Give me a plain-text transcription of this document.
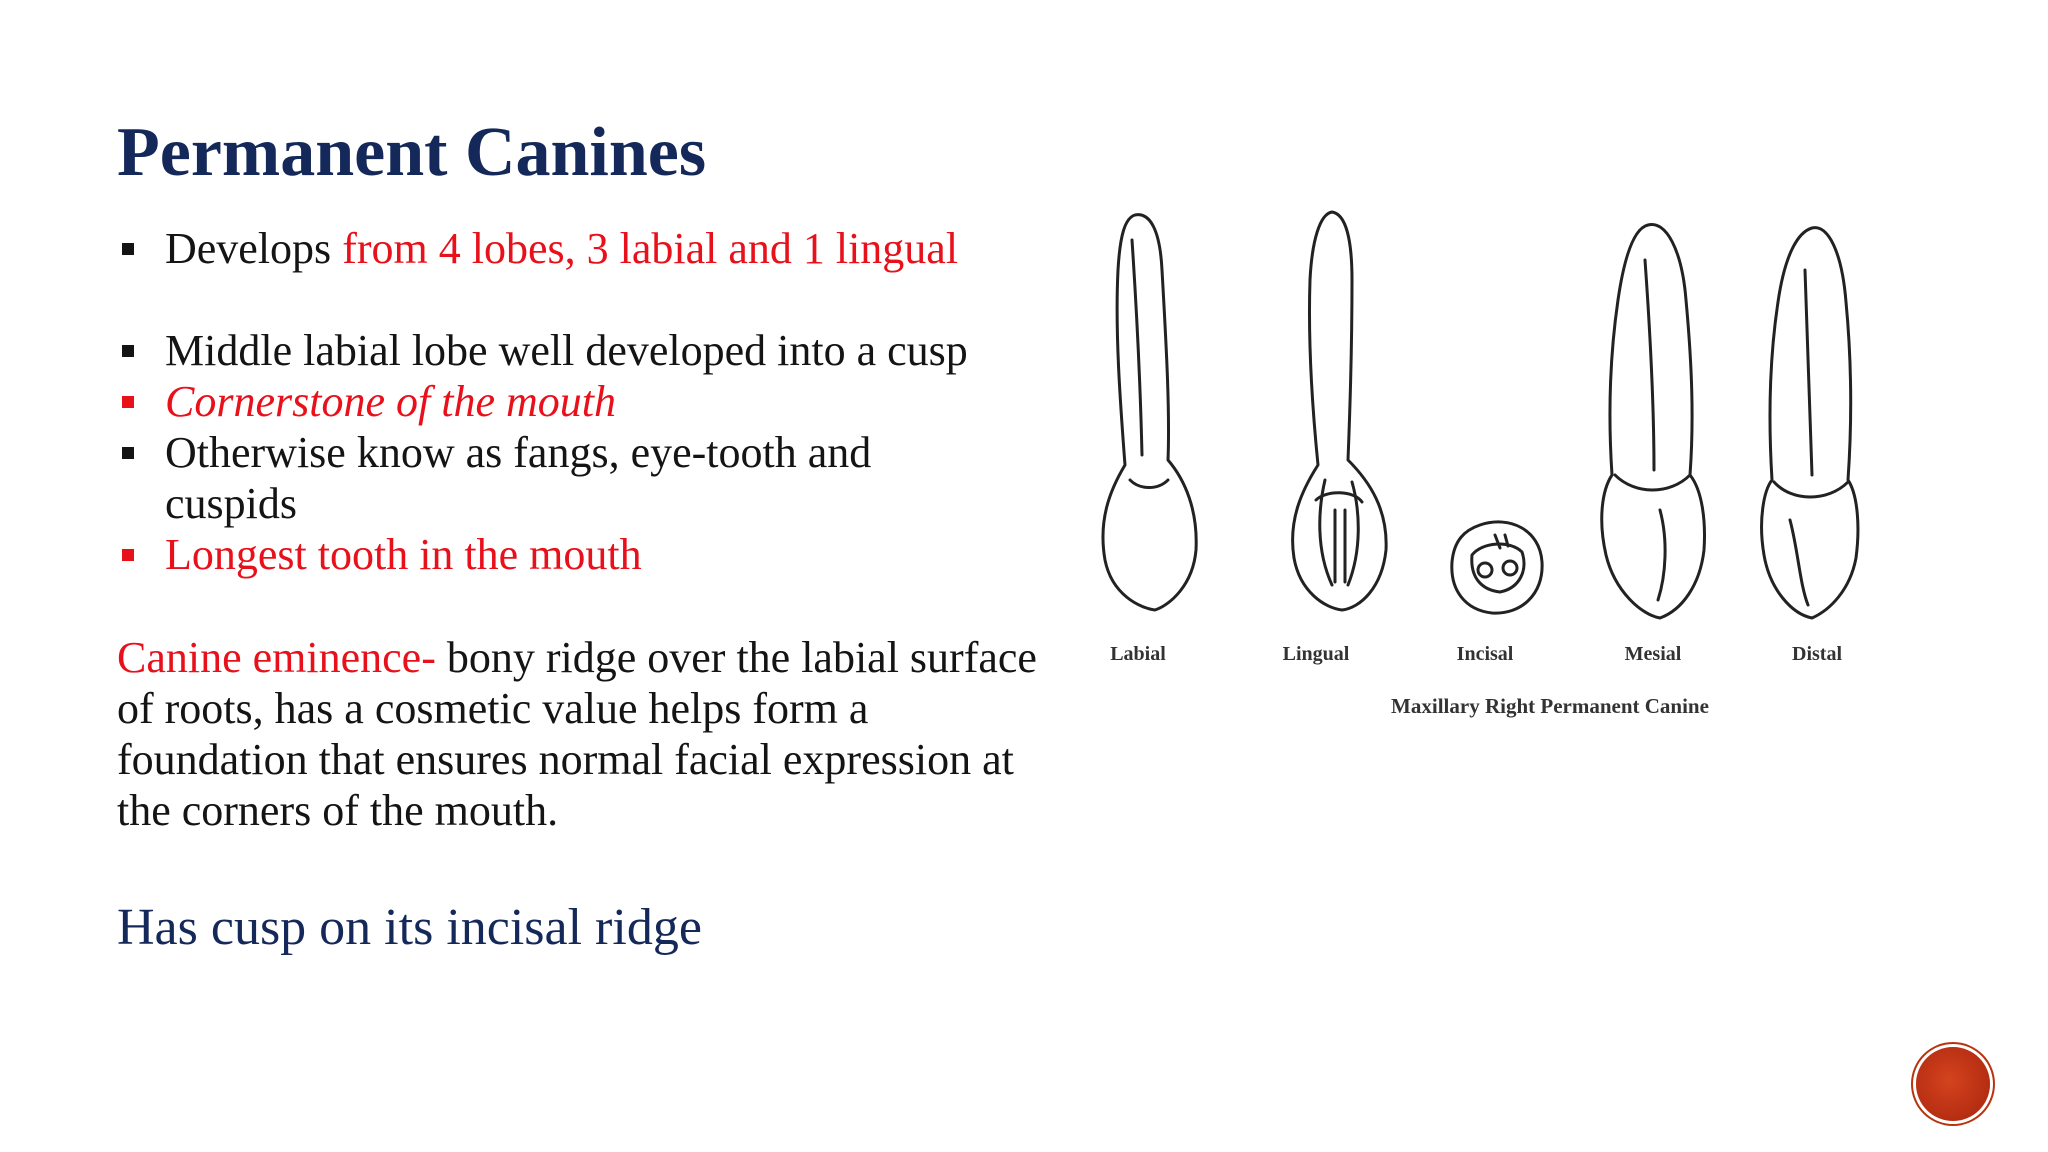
Permanent Canines
Develops from 4 lobes, 3 labial and 1 lingual
Middle labial lobe well developed into a cusp
Cornerstone of the mouth
Otherwise know as fangs, eye-tooth and
cuspids
Longest tooth in the mouth

Canine eminence- bony ridge over the labial surface of roots, has a cosmetic value helps form a foundation that ensures normal facial expression at the corners of the mouth.

Has cusp on its incisal ridge

Labial	Lingual	Incisal	Mesial	Distal
Maxillary Right Permanent Canine
